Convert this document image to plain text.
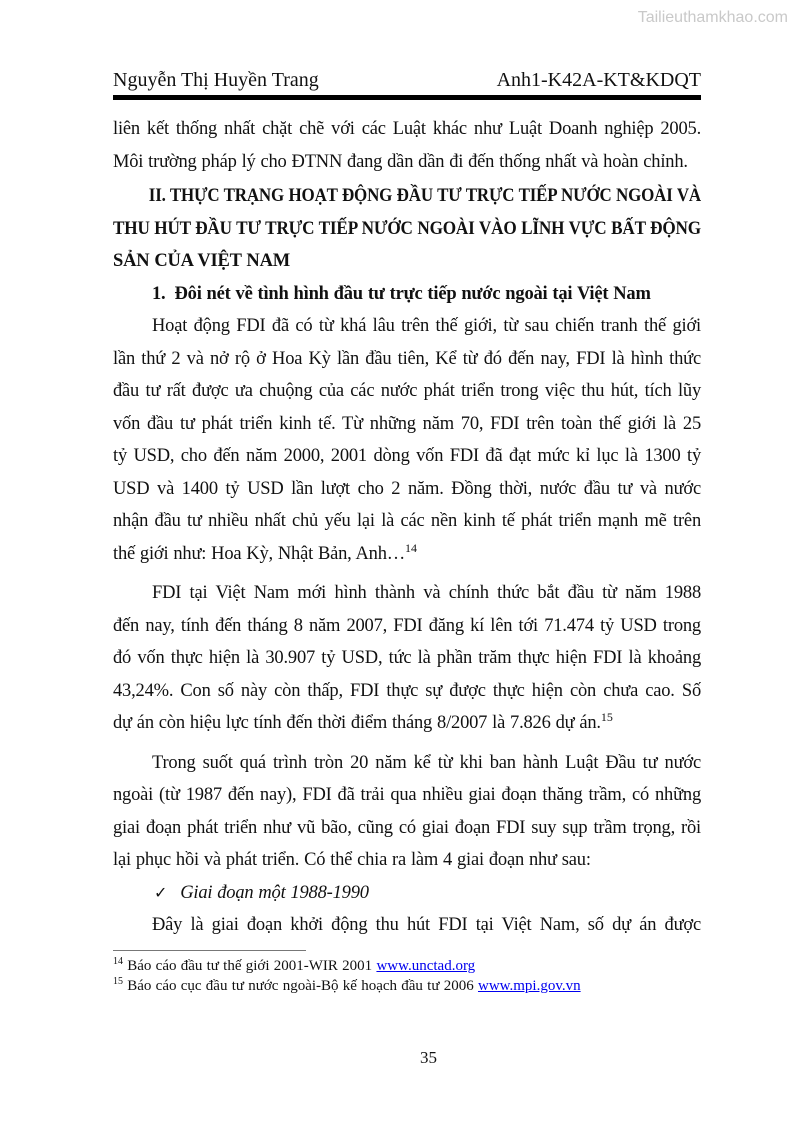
Tailieuthamkhao.com
Nguyễn Thị Huyền Trang	Anh1-K42A-KT&KDQT
liên kết thống nhất chặt chẽ với các Luật khác như Luật Doanh nghiệp 2005.
Môi trường pháp lý cho ĐTNN đang dần dần đi đến thống nhất và hoàn chỉnh.
II. THỰC TRẠNG HOẠT ĐỘNG ĐẦU TƯ TRỰC TIẾP NƯỚC NGOÀI VÀ
THU HÚT ĐẦU TƯ TRỰC TIẾP NƯỚC NGOÀI VÀO LĨNH VỰC BẤT ĐỘNG
SẢN CỦA VIỆT NAM
1. Đôi nét về tình hình đầu tư trực tiếp nước ngoài tại Việt Nam
Hoạt động FDI đã có từ khá lâu trên thế giới, từ sau chiến tranh thế giới
lần thứ 2 và nở rộ ở Hoa Kỳ lần đầu tiên, Kể từ đó đến nay, FDI là hình thức
đầu tư rất được ưa chuộng của các nước phát triển trong việc thu hút, tích lũy
vốn đầu tư phát triển kinh tế. Từ những năm 70, FDI trên toàn thế giới là 25
tỷ USD, cho đến năm 2000, 2001 dòng vốn FDI đã đạt mức kỉ lục là 1300 tỷ
USD và 1400 tỷ USD lần lượt cho 2 năm. Đồng thời, nước đầu tư và nước
nhận đầu tư nhiều nhất chủ yếu lại là các nền kinh tế phát triển mạnh mẽ trên
thế giới như: Hoa Kỳ, Nhật Bản, Anh…$^{14}$
FDI tại Việt Nam mới hình thành và chính thức bắt đầu từ năm 1988
đến nay, tính đến tháng 8 năm 2007, FDI đăng kí lên tới 71.474 tỷ USD trong
đó vốn thực hiện là 30.907 tỷ USD, tức là phần trăm thực hiện FDI là khoảng
43,24%. Con số này còn thấp, FDI thực sự được thực hiện còn chưa cao. Số
dự án còn hiệu lực tính đến thời điểm tháng 8/2007 là 7.826 dự án.$^{15}$
Trong suốt quá trình tròn 20 năm kể từ khi ban hành Luật Đầu tư nước
ngoài (từ 1987 đến nay), FDI đã trải qua nhiều giai đoạn thăng trầm, có những
giai đoạn phát triển như vũ bão, cũng có giai đoạn FDI suy sụp trầm trọng, rồi
lại phục hồi và phát triển. Có thể chia ra làm 4 giai đoạn như sau:
✓ Giai đoạn một 1988-1990
Đây là giai đoạn khởi động thu hút FDI tại Việt Nam, số dự án được
$^{14}$ Báo cáo đầu tư thế giới 2001-WIR 2001 www.unctad.org
$^{15}$ Báo cáo cục đầu tư nước ngoài-Bộ kế hoạch đầu tư 2006 www.mpi.gov.vn
35
